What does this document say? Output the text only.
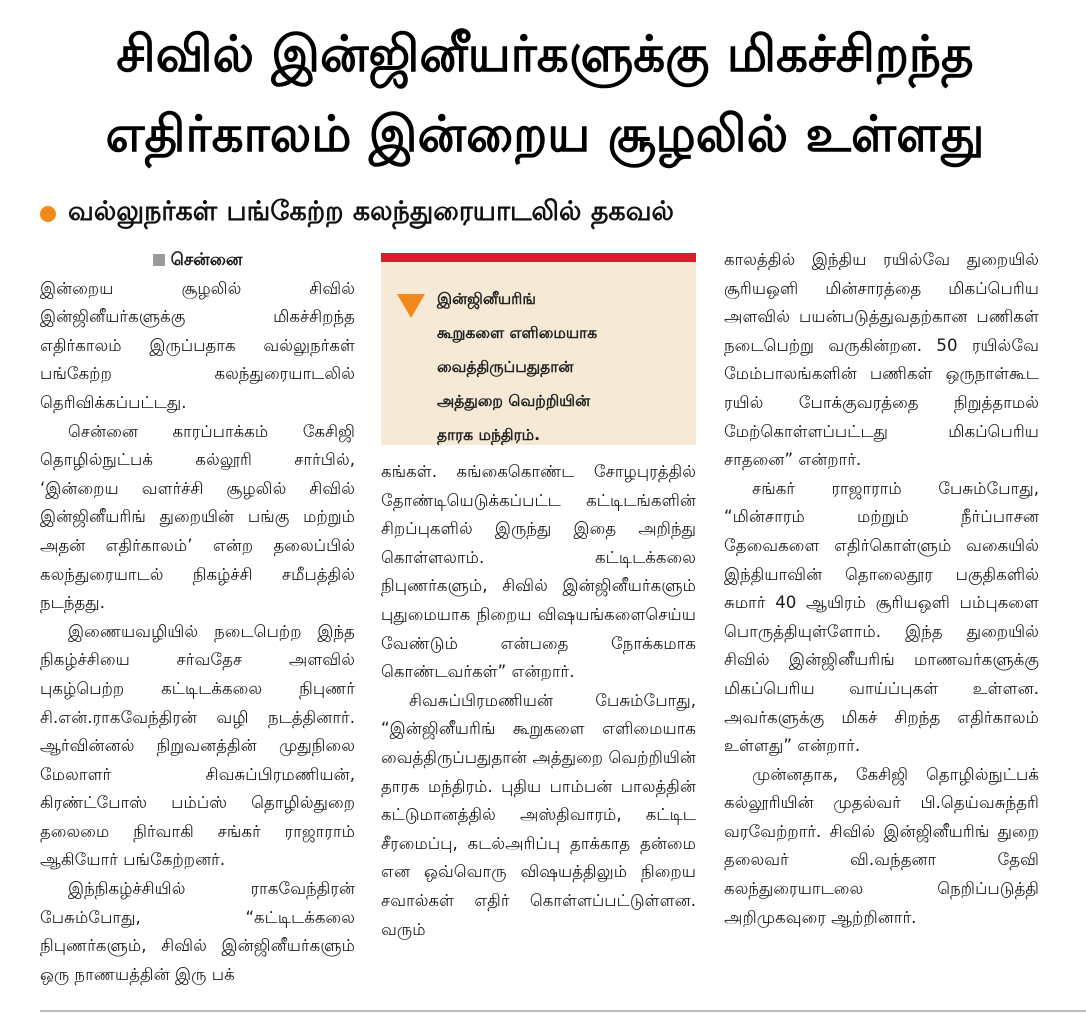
சிவில் இன்ஜினீயர்களுக்கு மிகச்சிறந்த
எதிர்காலம் இன்றைய சூழலில் உள்ளது
வல்லுநர்கள் பங்கேற்ற கலந்துரையாடலில் தகவல்
சென்னை

இன்றைய சூழலில் சிவில் இன்ஜினீயர்களுக்கு மிகச்சிறந்த எதிர்காலம் இருப்பதாக வல்லுநர்கள் பங்கேற்ற கலந்துரையாடலில் தெரிவிக்கப்பட்டது.

சென்னை காரப்பாக்கம் கேசிஜி தொழில்நுட்பக் கல்லூரி சார்பில், ‘இன்றைய வளர்ச்சி சூழலில் சிவில் இன்ஜினீயரிங் துறையின் பங்கு மற்றும் அதன் எதிர்காலம்’ என்ற தலைப்பில் கலந்துரையாடல் நிகழ்ச்சி சமீபத்தில் நடந்தது.

இணையவழியில் நடைபெற்ற இந்த நிகழ்ச்சியை சர்வதேச அளவில் புகழ்பெற்ற கட்டிடக்கலை நிபுணர் சி.என்.ராகவேந்திரன் வழி நடத்தினார். ஆர்வின்னல் நிறுவனத்தின் முதுநிலை மேலாளர் சிவசுப்பிரமணியன், கிரண்ட்போஸ் பம்ப்ஸ் தொழில்துறை தலைமை நிர்வாகி சங்கர் ராஜாராம் ஆகியோர் பங்கேற்றனர்.

இந்நிகழ்ச்சியில் ராகவேந்திரன் பேசும்போது, “கட்டிடக்கலை நிபுணர்களும், சிவில் இன்ஜினீயர்களும் ஒரு நாணயத்தின் இரு பக்

இன்ஜினீயரிங்
கூறுகளை எளிமையாக
வைத்திருப்பதுதான்
அத்துறை வெற்றியின்
தாரக மந்திரம்.

கங்கள். கங்கைகொண்ட சோழபுரத்தில் தோண்டியெடுக்கப்பட்ட கட்டிடங்களின் சிறப்புகளில் இருந்து இதை அறிந்து கொள்ளலாம். கட்டிடக்கலை நிபுணர்களும், சிவில் இன்ஜினீயர்களும் புதுமையாக நிறைய விஷயங்களைசெய்ய வேண்டும் என்பதை நோக்கமாக கொண்டவர்கள்” என்றார்.

சிவசுப்பிரமணியன் பேசும்போது, “இன்ஜினீயரிங் கூறுகளை எளிமையாக வைத்திருப்பதுதான் அத்துறை வெற்றியின் தாரக மந்திரம். புதிய பாம்பன் பாலத்தின் கட்டுமானத்தில் அஸ்திவாரம், கட்டிட சீரமைப்பு, கடல்அரிப்பு தாக்காத தன்மை என ஒவ்வொரு விஷயத்திலும் நிறைய சவால்கள் எதிர் கொள்ளப்பட்டுள்ளன. வரும்

காலத்தில் இந்திய ரயில்வே துறையில் சூரியஒளி மின்சாரத்தை மிகப்பெரிய அளவில் பயன்படுத்துவதற்கான பணிகள் நடைபெற்று வருகின்றன. 50 ரயில்வே மேம்பாலங்களின் பணிகள் ஒருநாள்கூட ரயில் போக்குவரத்தை நிறுத்தாமல் மேற்கொள்ளப்பட்டது மிகப்பெரிய சாதனை” என்றார்.

சங்கர் ராஜாராம் பேசும்போது, “மின்சாரம் மற்றும் நீர்ப்பாசன தேவைகளை எதிர்கொள்ளும் வகையில் இந்தியாவின் தொலைதூர பகுதிகளில் சுமார் 40 ஆயிரம் சூரியஒளி பம்புகளை பொருத்தியுள்ளோம். இந்த துறையில் சிவில் இன்ஜினீயரிங் மாணவர்களுக்கு மிகப்பெரிய வாய்ப்புகள் உள்ளன. அவர்களுக்கு மிகச் சிறந்த எதிர்காலம் உள்ளது” என்றார்.

முன்னதாக, கேசிஜி தொழில்நுட்பக் கல்லூரியின் முதல்வர் பி.தெய்வசுந்தரி வரவேற்றார். சிவில் இன்ஜினீயரிங் துறை தலைவர் வி.வந்தனா தேவி கலந்துரையாடலை நெறிப்படுத்தி அறிமுகவுரை ஆற்றினார்.
